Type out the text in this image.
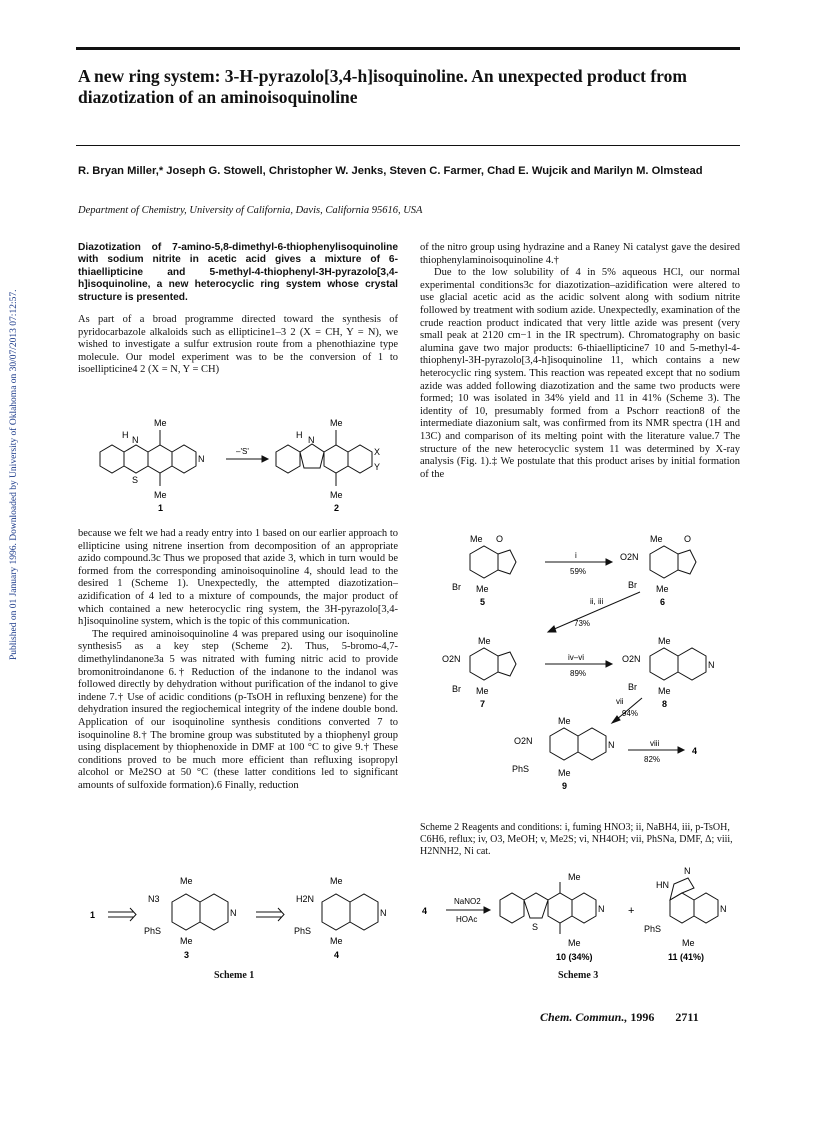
A new ring system: 3-H-pyrazolo[3,4-h]isoquinoline. An unexpected product from diazotization of an aminoisoquinoline

R. Bryan Miller,* Joseph G. Stowell, Christopher W. Jenks, Steven C. Farmer, Chad E. Wujcik and Marilyn M. Olmstead

Department of Chemistry, University of California, Davis, California 95616, USA

Published on 01 January 1996. Downloaded by University of Oklahoma on 30/07/2013 07:12:57.

Diazotization of 7-amino-5,8-dimethyl-6-thiophenylisoquinoline with sodium nitrite in acetic acid gives a mixture of 6-thiaellipticine and 5-methyl-4-thiophenyl-3H-pyrazolo[3,4-h]isoquinoline, a new heterocyclic ring system whose crystal structure is presented.

As part of a broad programme directed toward the synthesis of pyridocarbazole alkaloids such as ellipticine1–3 2 (X = CH, Y = N), we wished to investigate a sulfur extrusion route from a phenothiazine type molecule. Our model experiment was to be the conversion of 1 to isoellipticine4 2 (X = N, Y = CH)

H
Me
N
N
S
Me
1
–'S'
H
Me
N
X
Y
Me
2

because we felt we had a ready entry into 1 based on our earlier approach to ellipticine using nitrene insertion from decomposition of an appropriate azido compound.3c Thus we proposed that azide 3, which in turn would be formed from the corresponding aminoisoquinoline 4, should lead to the desired 1 (Scheme 1). Unexpectedly, the attempted diazotization–azidification of 4 led to a mixture of compounds, the major product of which contained a new heterocyclic ring system, the 3H-pyrazolo[3,4-h]isoquinoline system, which is the topic of this communication.

The required aminoisoquinoline 4 was prepared using our isoquinoline synthesis5 as a key step (Scheme 2). Thus, 5-bromo-4,7-dimethylindanone3a 5 was nitrated with fuming nitric acid to provide bromonitroindanone 6.† Reduction of the indanone to the indanol was followed directly by dehydration without purification of the indanol to give indene 7.† Use of acidic conditions (p-TsOH in refluxing benzene) for the dehydration insured the regiochemical integrity of the indene double bond. Application of our isoquinoline synthesis conditions converted 7 to isoquinoline 8.† The bromine group was substituted by a thiophenyl group using displacement by thiophenoxide in DMF at 100 °C to give 9.† These conditions proved to be much more efficient than refluxing isopropyl alcohol or Me2SO at 50 °C (these latter conditions led to significant amounts of sulfoxide formation).6 Finally, reduction

of the nitro group using hydrazine and a Raney Ni catalyst gave the desired thiophenylaminoisoquinoline 4.†

Due to the low solubility of 4 in 5% aqueous HCl, our normal experimental conditions3c for diazotization–azidification were altered to use glacial acetic acid as the acidic solvent along with sodium nitrite followed by treatment with sodium azide. Unexpectedly, examination of the crude reaction product indicated that very little azide was present (very small peak at 2120 cm−1 in the IR spectrum). Chromatography on basic alumina gave two major products: 6-thiaellipticine7 10 and 5-methyl-4-thiophenyl-3H-pyrazolo[3,4-h]isoquinoline 11, which contains a new heterocyclic ring system. This reaction was repeated except that no sodium azide was added following diazotization and the same two products were formed; 10 was isolated in 34% yield and 11 in 41% (Scheme 3). The identity of 10, presumably formed from a Pschorr reaction8 of the intermediate diazonium salt, was confirmed from its NMR spectra (1H and 13C) and comparison of its melting point with the literature value.7 The structure of the new heterocyclic system 11 was determined by X-ray analysis (Fig. 1).‡ We postulate that this product arises by initial formation of the

Me O
Br Me
5
i
59%
Me O
O2N
Br Me
6
ii, iii
73%
Me
O2N
Br Me
7
iv–vi
89%
Me
O2N
N
Br Me
8
vii
94%
Me
O2N	N
PhS	Me
9
viii
82%
4

Scheme 2 Reagents and conditions: i, fuming HNO3; ii, NaBH4, iii, p-TsOH, C6H6, reflux; iv, O3, MeOH; v, Me2S; vi, NH4OH; vii, PhSNa, DMF, Δ; viii, H2NNH2, Ni cat.

1
Me
N3
N
PhS
Me
3
Me
H2N
N
PhS
Me
4

Scheme 1

4
NaNO2
HOAc
Me
S
N
Me
10 (34%)
+
N
HN
N
PhS
Me
11 (41%)

Scheme 3

Chem. Commun., 1996 2711
